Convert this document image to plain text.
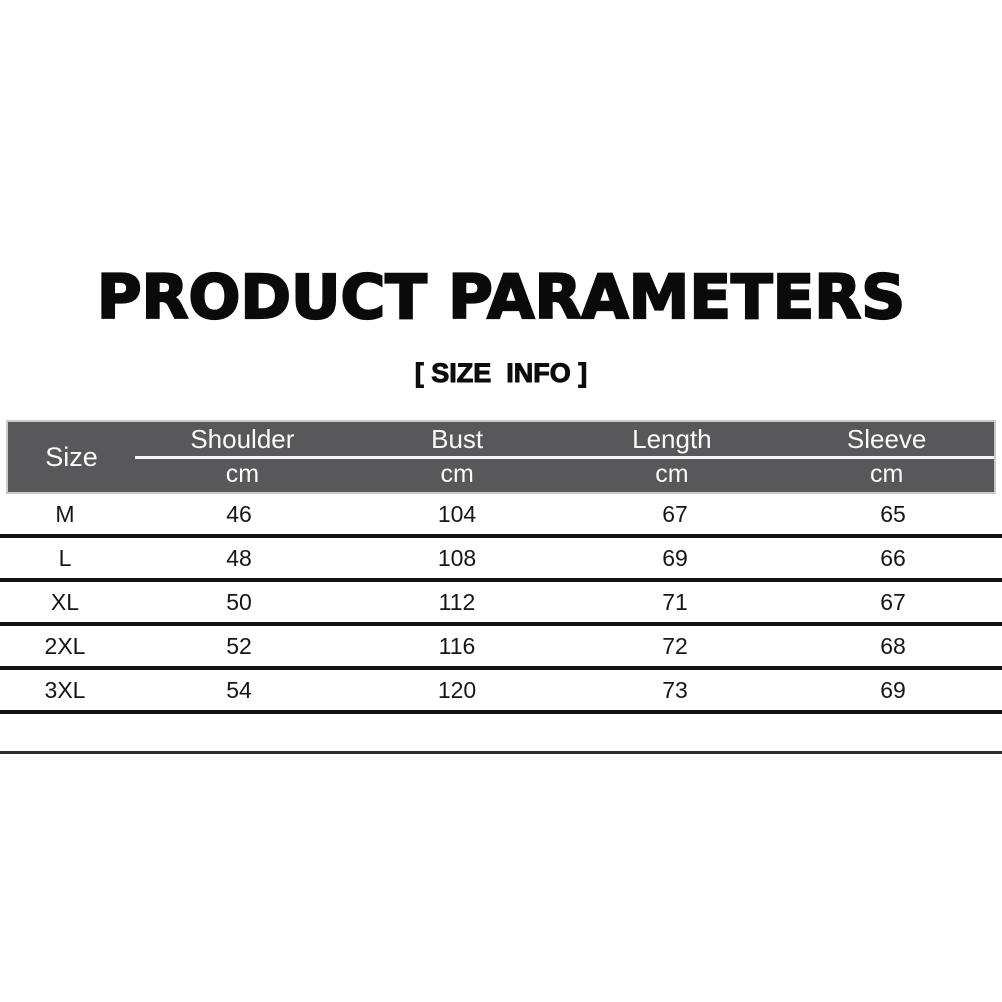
PRODUCT PARAMETERS
[ SIZE  INFO ]
Size
Shoulder	Bust	Length	Sleeve
cm	cm	cm	cm
M	46	104	67	65
L	48	108	69	66
XL	50	112	71	67
2XL	52	116	72	68
3XL	54	120	73	69
